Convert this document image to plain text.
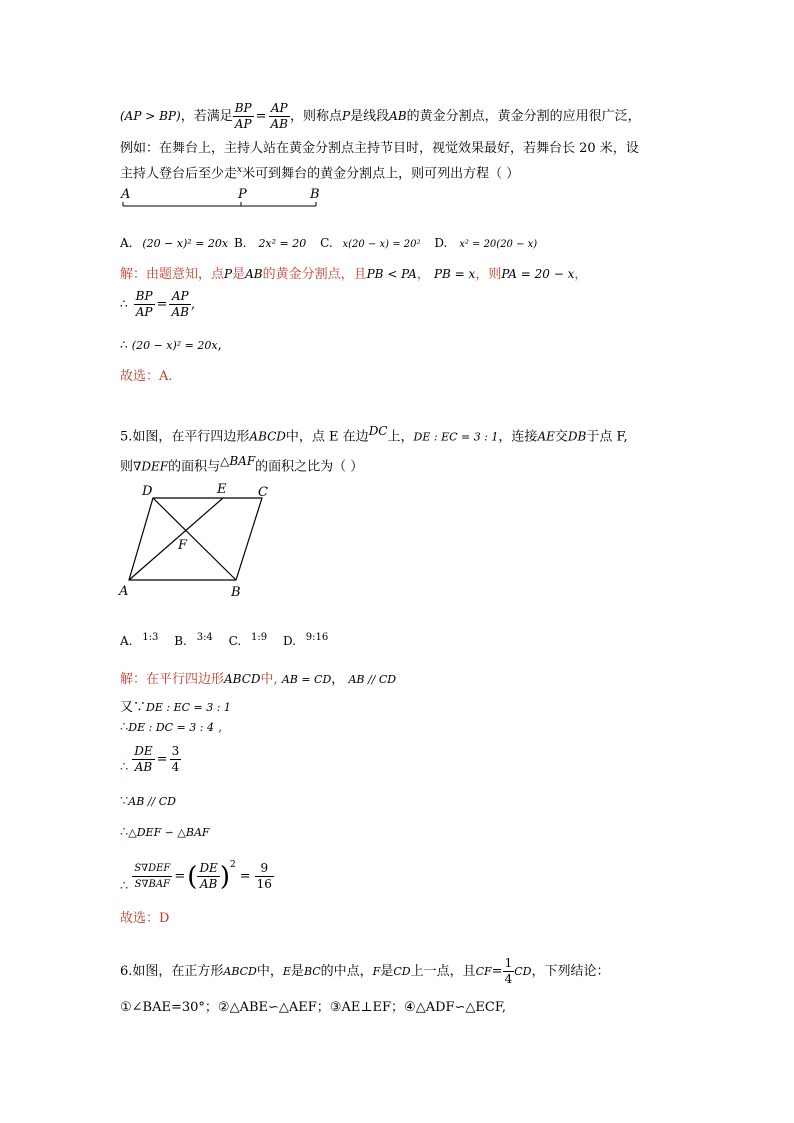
(AP > BP)，若满足 $\frac{BP}{AP} = \frac{AP}{AB}$ ，则称点P是线段AB的黄金分割点，黄金分割的应用很广泛，
例如：在舞台上，主持人站在黄金分割点主持节目时，视觉效果最好，若舞台长 20 米，设
主持人登台后至少走$^x$米可到舞台的黄金分割点上，则可列出方程（ ）
A	P	B
A. (20 − x)² = 20x B. 2x² = 20 C. x(20 − x) = 20² D. x² = 20(20 − x)
解：由题意知，点P是AB的黄金分割点，且PB < PA， PB = x，则PA = 20 − x，
∴ $\frac{BP}{AP} = \frac{AP}{AB}$ ,
∴ (20 − x)² = 20x,
故选：A.
5.如图，在平行四边形ABCD中，点 E 在边$^{DC}$上，DE : EC = 3 : 1，连接AE交DB于点 F,
则∇DEF的面积与$^{\triangle BAF}$的面积之比为（ ）
D	E C
F
A	B
A. $^{1:3}$ B. $^{3:4}$ C. $^{1:9}$ D. $^{9:16}$
解：在平行四边形ABCD中, AB = CD， AB // CD
又∵DE : EC = 3 : 1
∴DE : DC = 3 : 4 ,
∴ $\frac{DE}{AB} = \frac{3}{4}$
∵AB // CD
∴△DEF ∽ △BAF
∴ $\frac{\text{S∇DEF}}{\text{S∇BAF}}$ =( $\frac{DE}{AB} )^2= \frac{9}{16}$
故选：D
6.如图，在正方形ABCD中，E是BC的中点，F是CD上一点，且$CF= \frac{1}{4}$ CD，下列结论：
①∠BAE=30°；②△ABE∽△AEF；③AE⊥EF；④△ADF∽△ECF,
